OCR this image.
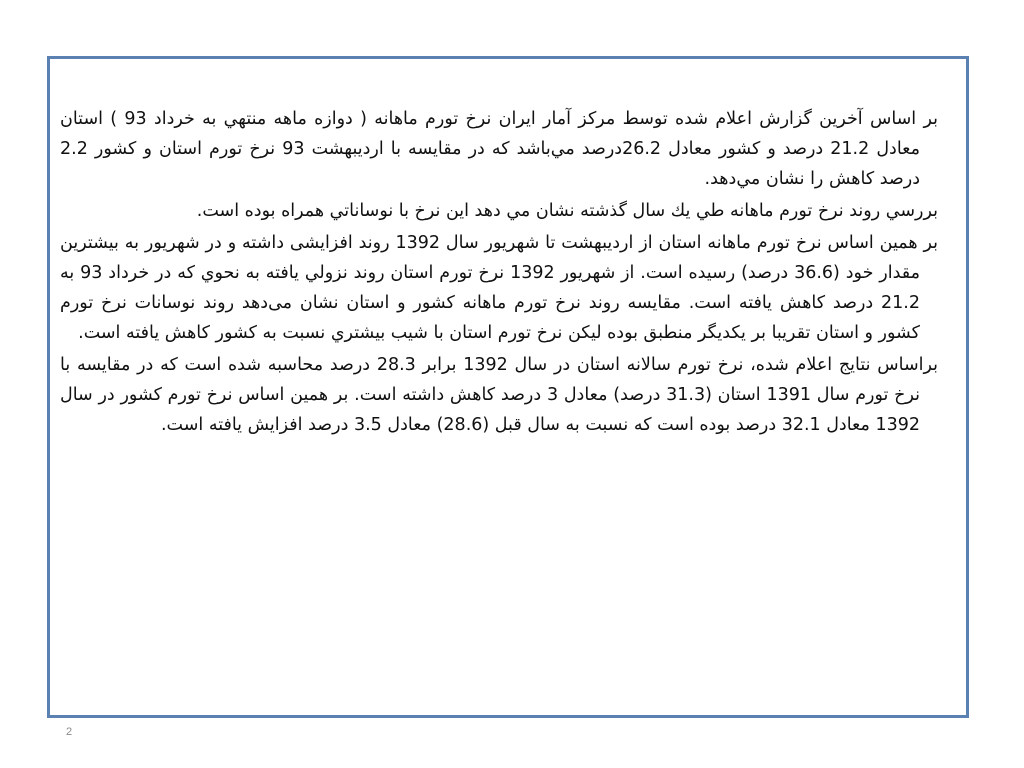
بر اساس آخرین گزارش اعلام شده توسط مرکز آمار ایران نرخ تورم ماهانه ( دوازه ماهه منتهي به خرداد 93 ) استان معادل 21.2 درصد و كشور معادل 26.2درصد مي‌باشد كه در مقايسه با ارديبهشت 93 نرخ تورم استان و كشور 2.2 درصد كاهش را نشان مي‌دهد.

بررسي روند نرخ تورم ماهانه طي يك سال گذشته نشان مي دهد اين نرخ با نوساناتي همراه بوده است.

بر همین اساس نرخ تورم ماهانه استان از اردیبهشت تا شهریور سال 1392 روند افزایشی داشته و در شهریور به بیشترین مقدار خود (36.6 درصد) رسیده است. از شهریور 1392 نرخ تورم استان روند نزولي يافته به نحوي كه در خرداد 93 به 21.2 درصد كاهش يافته است. مقایسه روند نرخ تورم ماهانه کشور و استان نشان می‌دهد روند نوسانات نرخ تورم کشور و استان تقریبا بر یکدیگر منطبق بوده ليكن نرخ تورم استان با شيب بيشتري نسبت به كشور كاهش يافته است.

براساس نتايج اعلام شده، نرخ تورم سالانه استان در سال 1392 برابر 28.3 درصد محاسبه شده است که در مقایسه با نرخ تورم سال 1391 استان (31.3 درصد) معادل 3 درصد کاهش داشته است. بر همین اساس نرخ تورم کشور در سال 1392 معادل 32.1 درصد بوده است که نسبت به سال قبل (28.6) معادل 3.5 درصد افزایش یافته است.

2
